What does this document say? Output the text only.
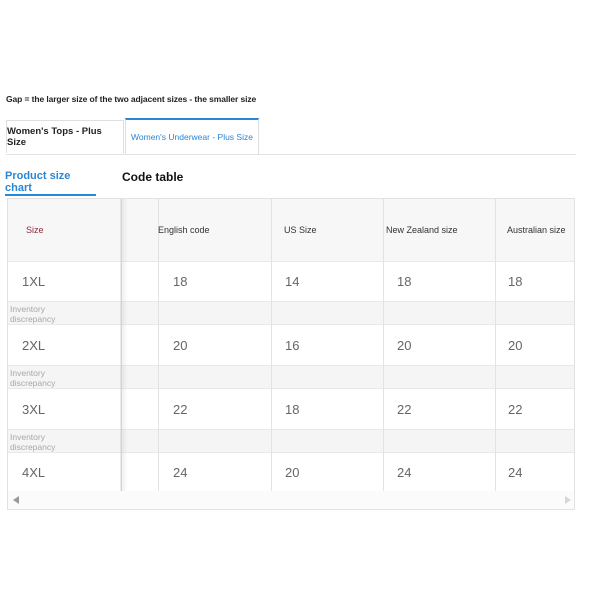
Gap = the larger size of the two adjacent sizes - the smaller size
Women's Tops - Plus Size	Women's Underwear - Plus Size
Product size chart
Code table
Size	English code	US Size	New Zealand size	Australian size
1XL	18	14	18	18
Inventory discrepancy
2XL	20	16	20	20
Inventory discrepancy
3XL	22	18	22	22
Inventory discrepancy
4XL	24	20	24	24
